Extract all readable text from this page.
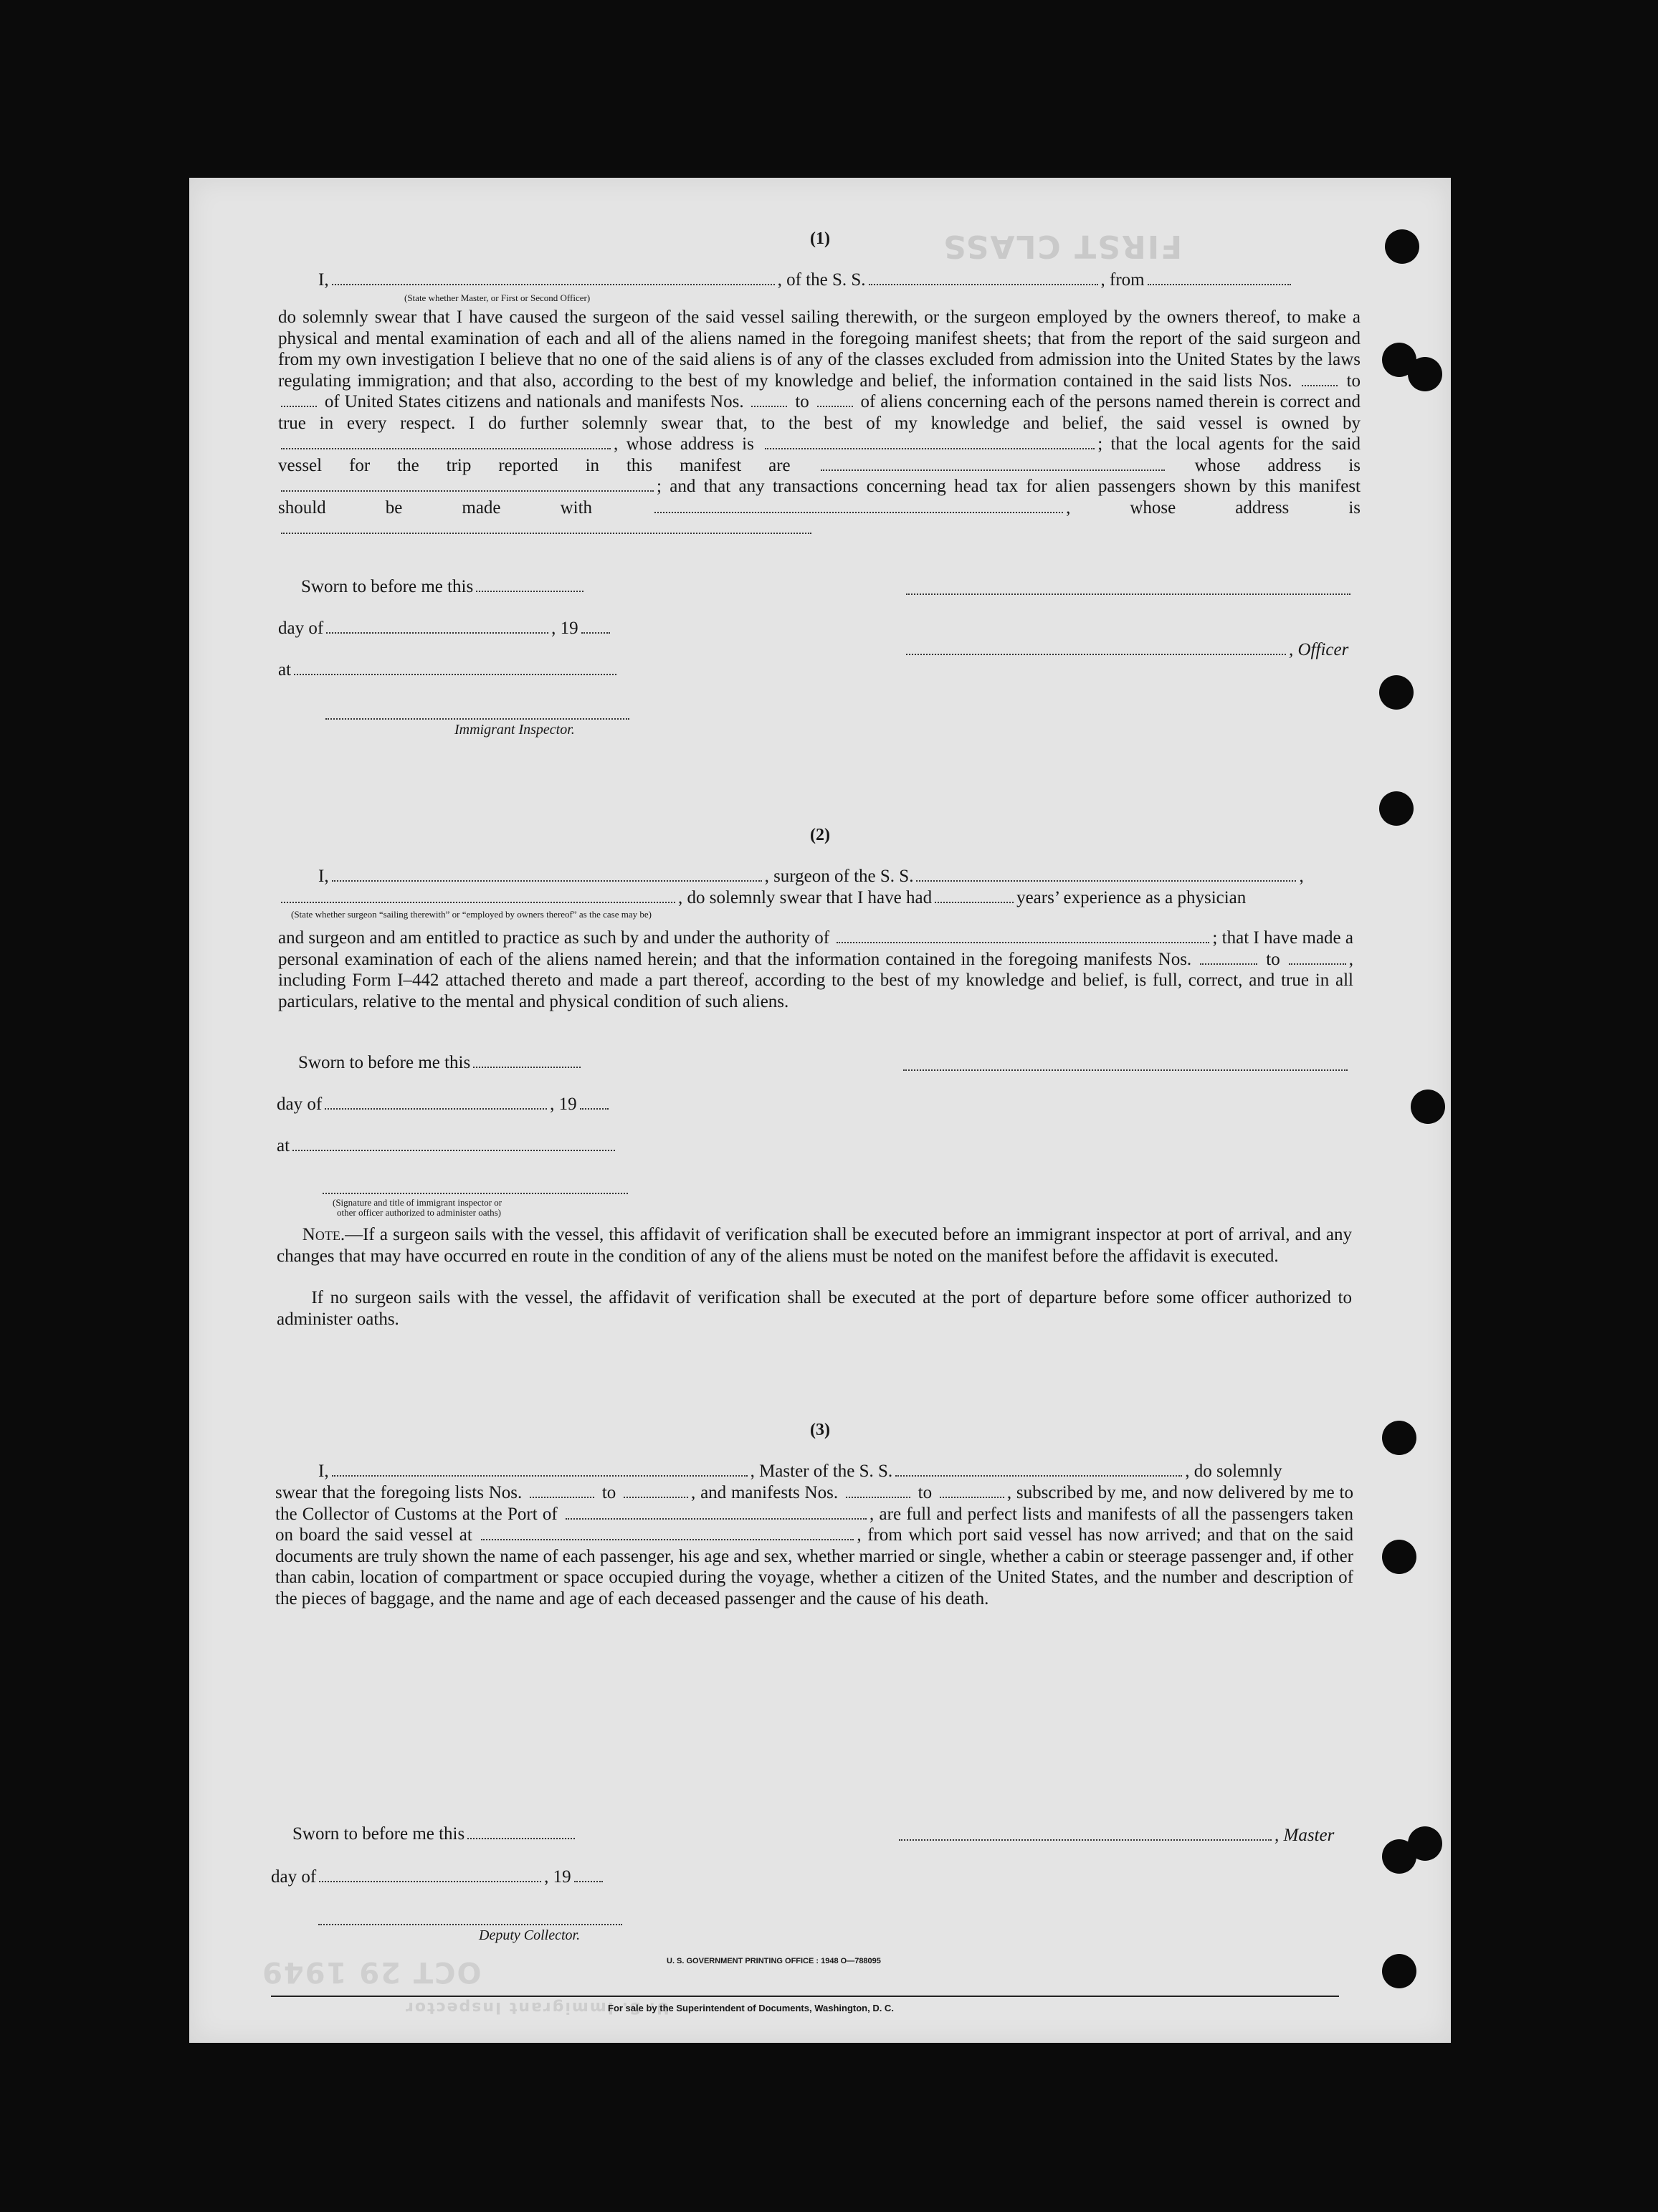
FIRST CLASS
OCT 29 1949
U. S. Immigrant Inspector
(1)
I,	, of the S. S.	, from
(State whether Master, or First or Second Officer)
do solemnly swear that I have caused the surgeon of the said vessel sailing therewith, or the surgeon employed by the owners thereof, to make a physical and mental examination of each and all of the aliens named in the foregoing manifest sheets; that from the report of the said surgeon and from my own investigation I believe that no one of the said aliens is of any of the classes excluded from admission into the United States by the laws regulating immigration; and that also, according to the best of my knowledge and belief, the information contained in the said lists Nos.	to  of United States citizens and nationals and manifests Nos.	to	of aliens concerning each of the persons named therein is correct and true in every respect. I do further solemnly swear that, to the best of my knowledge and belief, the said vessel is owned by , whose address is	; that the local agents for the said vessel for the trip reported in this manifest are	whose address is ; and that any transactions concerning head tax for alien passengers shown by this manifest should be made with	, whose address is
Sworn to before me this
day of	, 19
, Officer
at
Immigrant Inspector.
(2)
I,	, surgeon of the S. S.	,
, do solemnly swear that I have had	years’ experience as a physician
(State whether surgeon “sailing therewith” or “employed by owners thereof” as the case may be)
and surgeon and am entitled to practice as such by and under the authority of	; that I have made a personal examination of each of the aliens named herein; and that the information contained in the foregoing manifests Nos.	to	, including Form I–442 attached thereto and made a part thereof, according to the best of my knowledge and belief, is full, correct, and true in all particulars, relative to the mental and physical condition of such aliens.
Sworn to before me this
day of	, 19
at
(Signature and title of immigrant inspector or
other officer authorized to administer oaths)
Note.—If a surgeon sails with the vessel, this affidavit of verification shall be executed before an immigrant inspector at port of arrival, and any changes that may have occurred en route in the condition of any of the aliens must be noted on the manifest before the affidavit is executed.
If no surgeon sails with the vessel, the affidavit of verification shall be executed at the port of departure before some officer authorized to administer oaths.
(3)
I,	, Master of the S. S.	, do solemnly
swear that the foregoing lists Nos.	to	, and manifests Nos.	to	, subscribed by me, and now delivered by me to the Collector of Customs at the Port of	, are full and perfect lists and manifests of all the passengers taken on board the said vessel at	, from which port said vessel has now arrived; and that on the said documents are truly shown the name of each passenger, his age and sex, whether married or single, whether a cabin or steerage passenger and, if other than cabin, location of compartment or space occupied during the voyage, whether a citizen of the United States, and the number and description of the pieces of baggage, and the name and age of each deceased passenger and the cause of his death.
Sworn to before me this	, Master
day of	, 19
Deputy Collector.
U. S. GOVERNMENT PRINTING OFFICE : 1948 O—788095
For sale by the Superintendent of Documents, Washington, D. C.
